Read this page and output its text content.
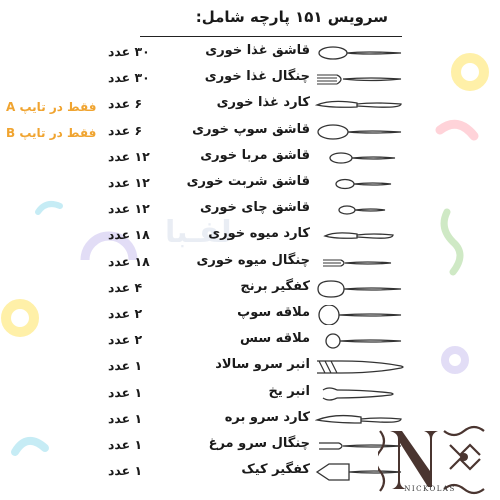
لفـبا
سرویس ۱۵۱ پارچه شامل:
فقط در تایپ A
فقط در تایپ B
قاشق غذا خوری
۳۰ عدد
چنگال غذا خوری
۳۰ عدد
کارد غذا خوری
۶ عدد
قاشق سوپ خوری
۶ عدد
قاشق مربا خوری
۱۲ عدد
قاشق شربت خوری
۱۲ عدد
قاشق چای خوری
۱۲ عدد
کارد میوه خوری
۱۸ عدد
چنگال میوه خوری
۱۸ عدد
کفگیر برنج
۴ عدد
ملاقه سوپ
۲ عدد
ملاقه سس
۲ عدد
انبر سرو سالاد
۱ عدد
انبر یخ
۱ عدد
کارد سرو بره
۱ عدد
چنگال سرو مرغ
۱ عدد
کفگیر کیک
۱ عدد
NICKOLAS
